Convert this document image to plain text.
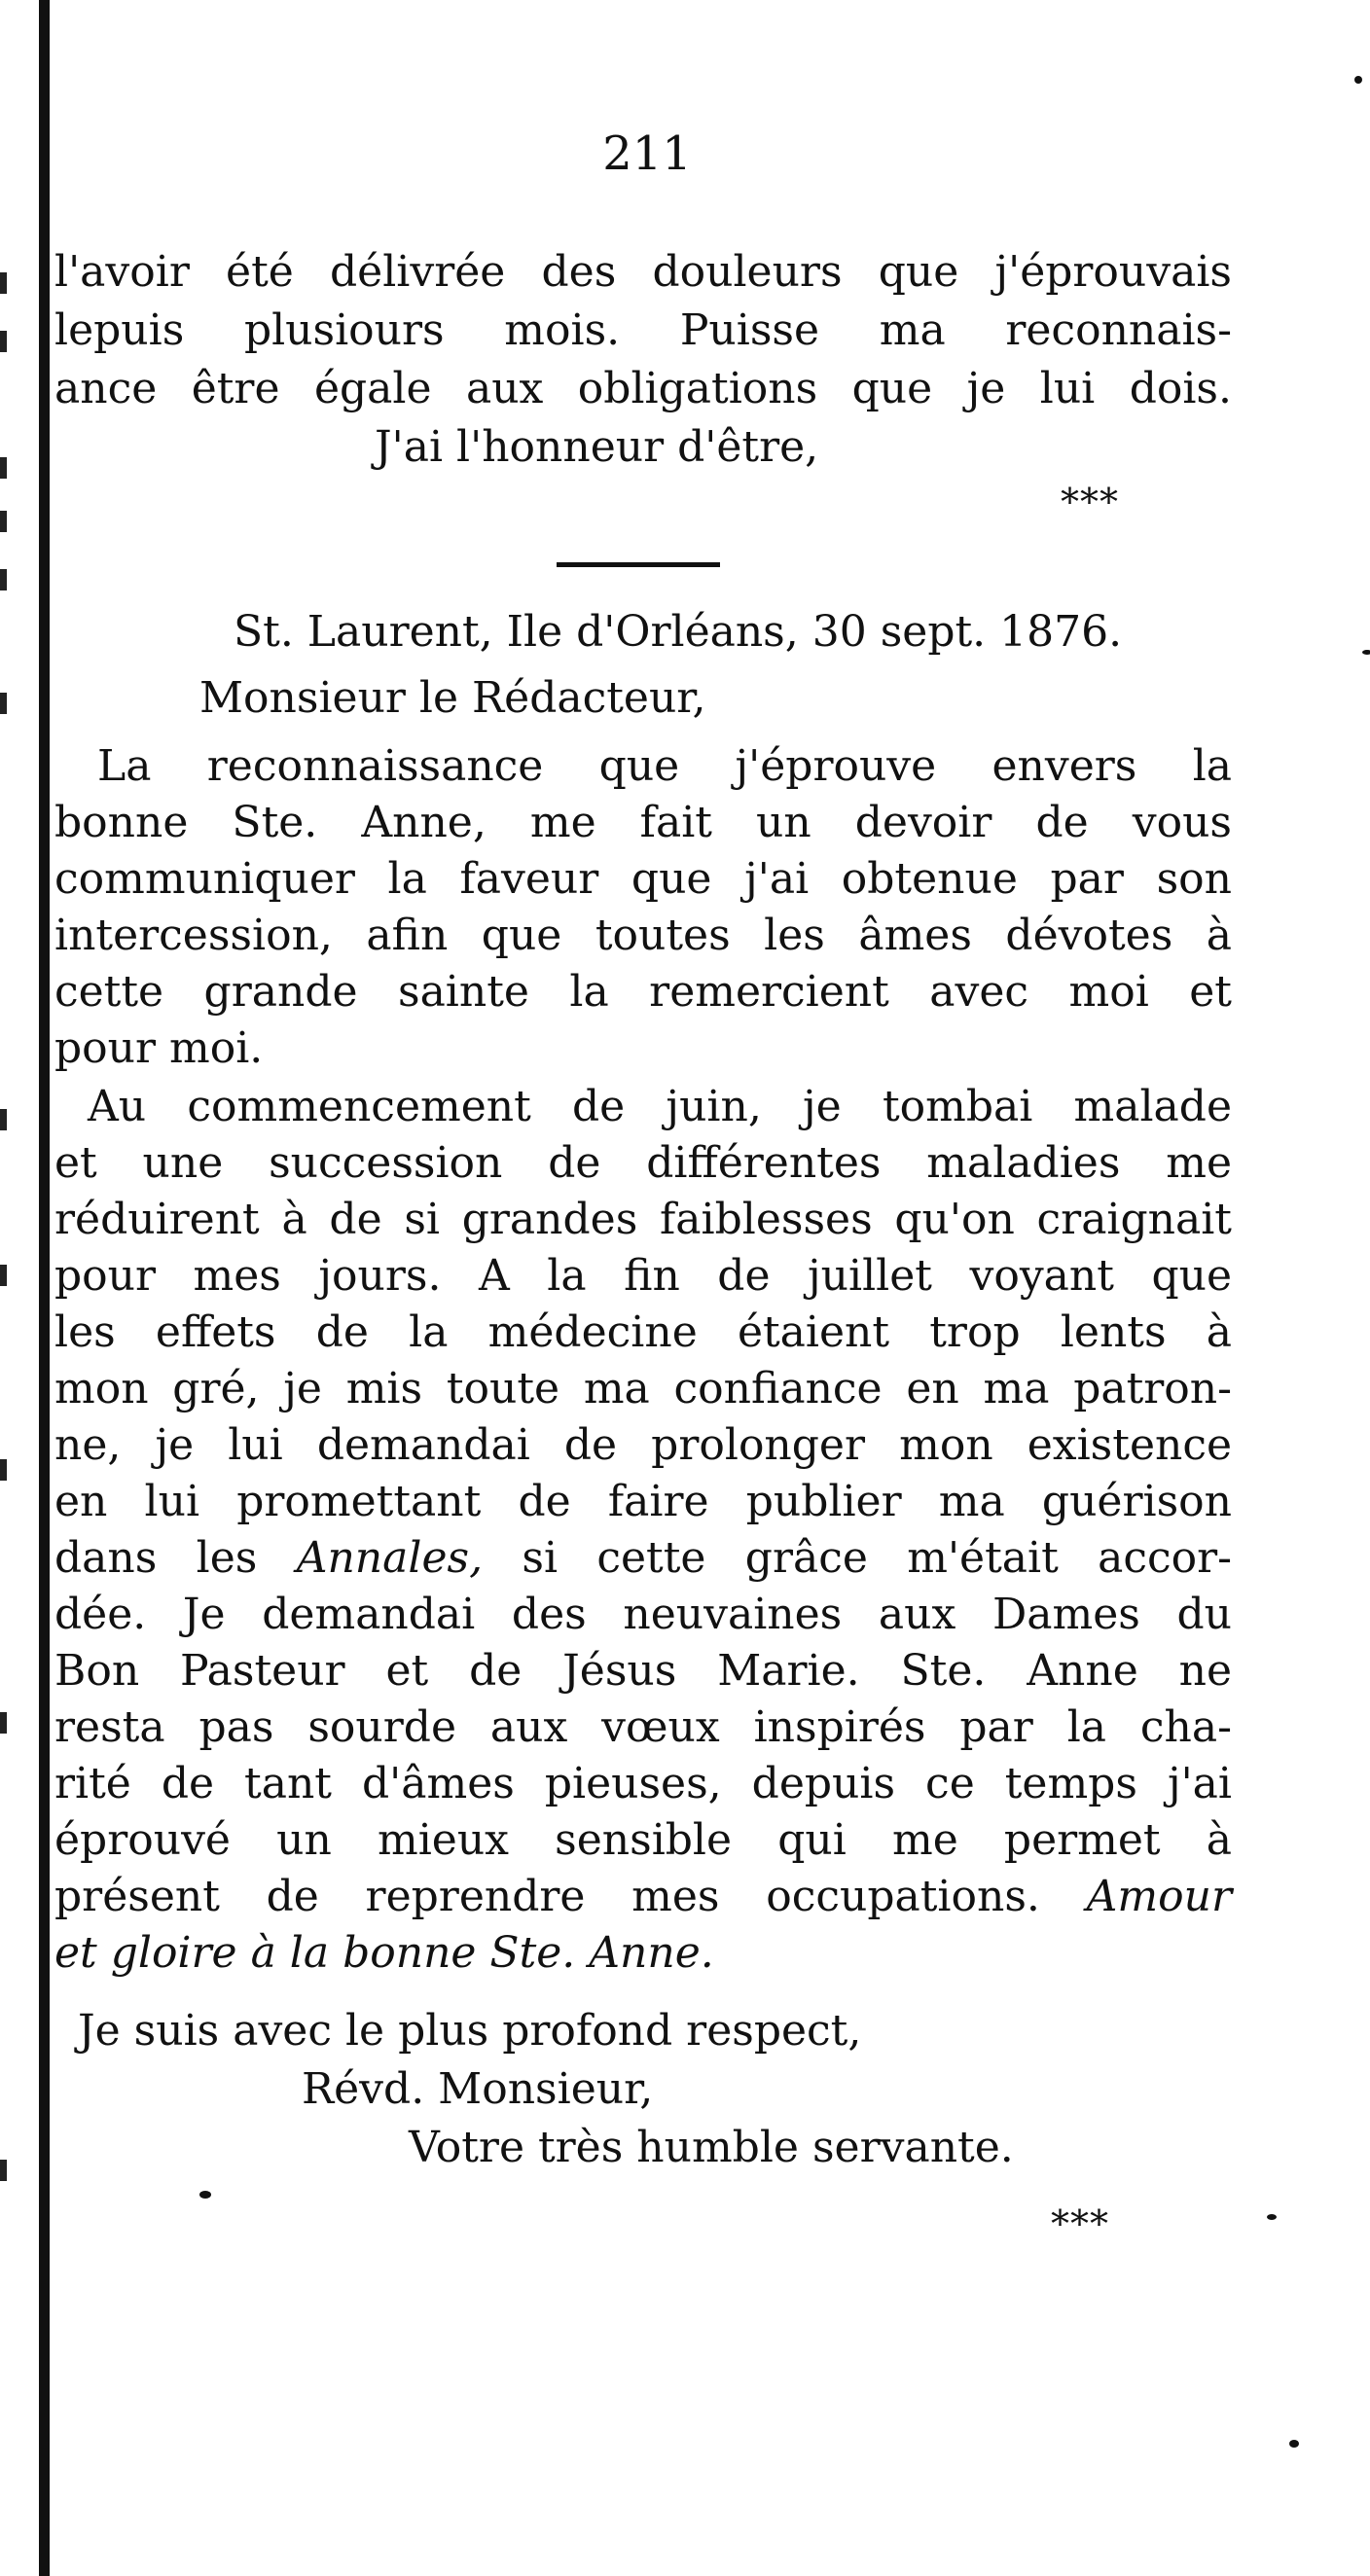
211
l'avoir été délivrée des douleurs que j'éprouvais
lepuis plusiours mois. Puisse ma reconnais-
ance être égale aux obligations que je lui dois.
J'ai l'honneur d'être,
***
St. Laurent, Ile d'Orléans, 30 sept. 1876.
Monsieur le Rédacteur,
La reconnaissance que j'éprouve envers la
bonne Ste. Anne, me fait un devoir de vous
communiquer la faveur que j'ai obtenue par son
intercession, afin que toutes les âmes dévotes à
cette grande sainte la remercient avec moi et
pour moi.
Au commencement de juin, je tombai malade
et une succession de différentes maladies me
réduirent à de si grandes faiblesses qu'on craignait
pour mes jours. A la fin de juillet voyant que
les effets de la médecine étaient trop lents à
mon gré, je mis toute ma confiance en ma patron-
ne, je lui demandai de prolonger mon existence
en lui promettant de faire publier ma guérison
dans les Annales, si cette grâce m'était accor-
dée. Je demandai des neuvaines aux Dames du
Bon Pasteur et de Jésus Marie. Ste. Anne ne
resta pas sourde aux vœux inspirés par la cha-
rité de tant d'âmes pieuses, depuis ce temps j'ai
éprouvé un mieux sensible qui me permet à
présent de reprendre mes occupations. Amour
et gloire à la bonne Ste. Anne.
Je suis avec le plus profond respect,
Révd. Monsieur,
Votre très humble servante.
***
